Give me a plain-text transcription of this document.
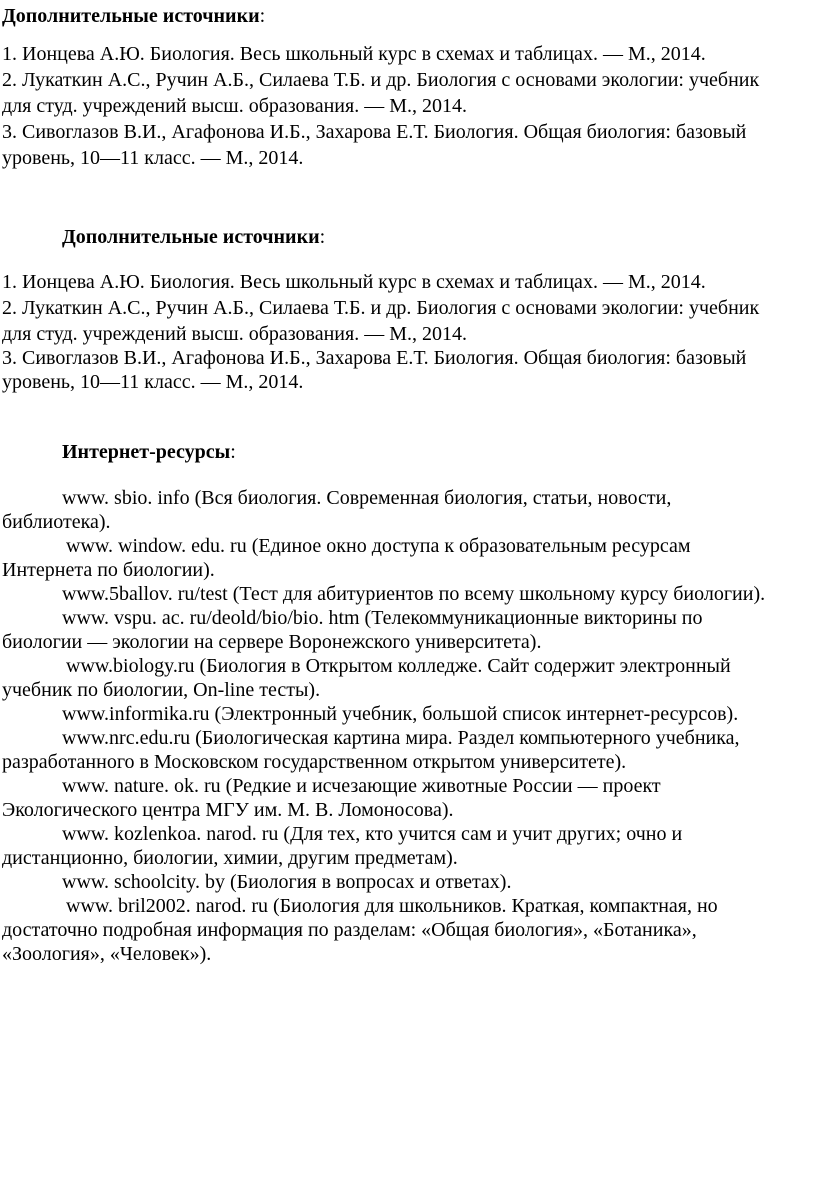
Дополнительные источники:
1. Ионцева А.Ю. Биология. Весь школьный курс в схемах и таблицах. — М., 2014.
2. Лукаткин А.С., Ручин А.Б., Силаева Т.Б. и др. Биология с основами экологии: учебник
для студ. учреждений высш. образования. — М., 2014.
3. Сивоглазов В.И., Агафонова И.Б., Захарова Е.Т. Биология. Общая биология: базовый
уровень, 10—11 класс. — М., 2014.
Дополнительные источники:
1. Ионцева А.Ю. Биология. Весь школьный курс в схемах и таблицах. — М., 2014.
2. Лукаткин А.С., Ручин А.Б., Силаева Т.Б. и др. Биология с основами экологии: учебник
для студ. учреждений высш. образования. — М., 2014.
3. Сивоглазов В.И., Агафонова И.Б., Захарова Е.Т. Биология. Общая биология: базовый
уровень, 10—11 класс. — М., 2014.
Интернет-ресурсы:
www. sbio. info (Вся биология. Современная биология, статьи, новости,
библиотека).
www. window. edu. ru (Единое окно доступа к образовательным ресурсам
Интернета по биологии).
www.5ballov. ru/test (Тест для абитуриентов по всему школьному курсу биологии).
www. vspu. ac. ru/deold/bio/bio. htm (Телекоммуникационные викторины по
биологии — экологии на сервере Воронежского университета).
www.biology.ru (Биология в Открытом колледже. Сайт содержит электронный
учебник по биологии, On-line тесты).
www.informika.ru (Электронный учебник, большой список интернет-ресурсов).
www.nrc.edu.ru (Биологическая картина мира. Раздел компьютерного учебника,
разработанного в Московском государственном открытом университете).
www. nature. ok. ru (Редкие и исчезающие животные России — проект
Экологического центра МГУ им. М. В. Ломоносова).
www. kozlenkoa. narod. ru (Для тех, кто учится сам и учит других; очно и
дистанционно, биологии, химии, другим предметам).
www. schoolcity. by (Биология в вопросах и ответах).
www. bril2002. narod. ru (Биология для школьников. Краткая, компактная, но
достаточно подробная информация по разделам: «Общая биология», «Ботаника»,
«Зоология», «Человек»).
